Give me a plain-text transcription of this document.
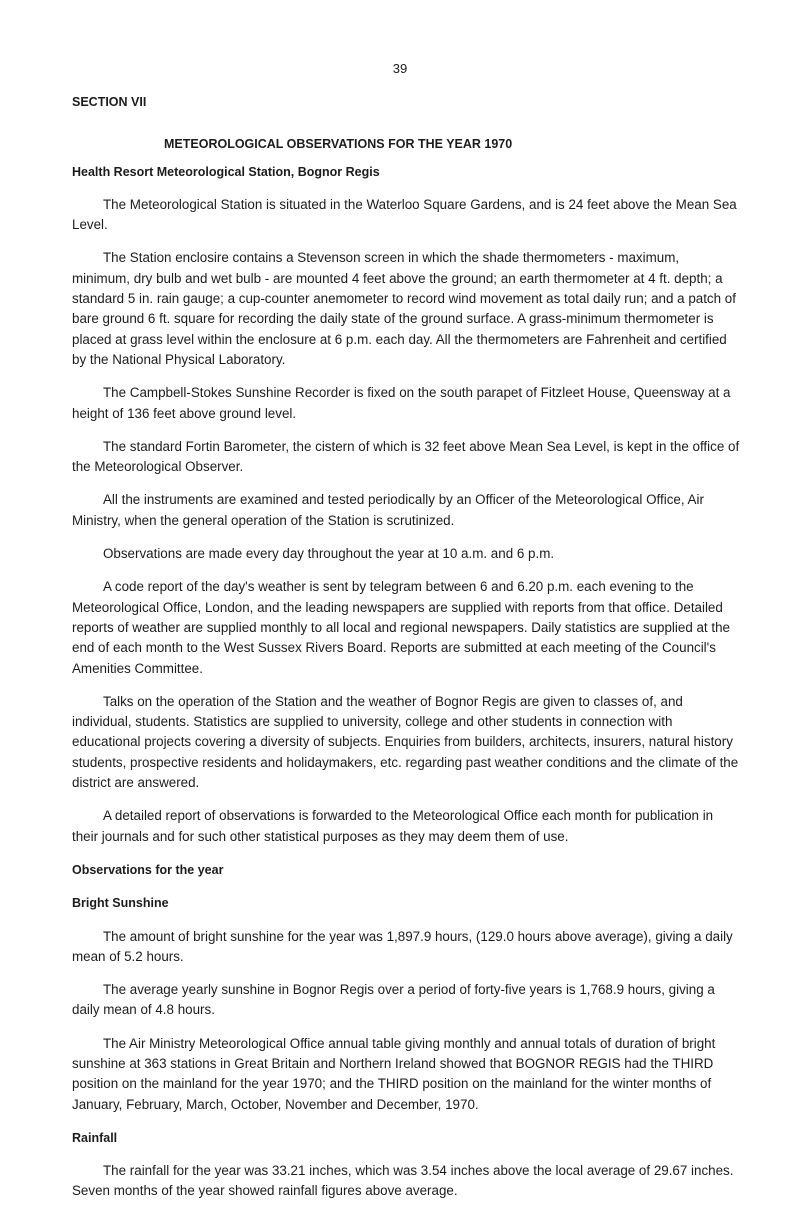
39
SECTION VII
METEOROLOGICAL OBSERVATIONS FOR THE YEAR 1970
Health Resort Meteorological Station, Bognor Regis

The Meteorological Station is situated in the Waterloo Square Gardens, and is 24 feet above the Mean Sea Level.

The Station enclosire contains a Stevenson screen in which the shade thermometers - maximum, minimum, dry bulb and wet bulb - are mounted 4 feet above the ground; an earth thermometer at 4 ft. depth; a standard 5 in. rain gauge; a cup-counter anemometer to record wind movement as total daily run; and a patch of bare ground 6 ft. square for recording the daily state of the ground surface. A grass-minimum thermometer is placed at grass level within the enclosure at 6 p.m. each day. All the thermometers are Fahrenheit and certified by the National Physical Laboratory.

The Campbell-Stokes Sunshine Recorder is fixed on the south parapet of Fitzleet House, Queensway at a height of 136 feet above ground level.

The standard Fortin Barometer, the cistern of which is 32 feet above Mean Sea Level, is kept in the office of the Meteorological Observer.

All the instruments are examined and tested periodically by an Officer of the Meteorological Office, Air Ministry, when the general operation of the Station is scrutinized.

Observations are made every day throughout the year at 10 a.m. and 6 p.m.

A code report of the day's weather is sent by telegram between 6 and 6.20 p.m. each evening to the Meteorological Office, London, and the leading newspapers are supplied with reports from that office. Detailed reports of weather are supplied monthly to all local and regional newspapers. Daily statistics are supplied at the end of each month to the West Sussex Rivers Board. Reports are submitted at each meeting of the Council's Amenities Committee.

Talks on the operation of the Station and the weather of Bognor Regis are given to classes of, and individual, students. Statistics are supplied to university, college and other students in connection with educational projects covering a diversity of subjects. Enquiries from builders, architects, insurers, natural history students, prospective residents and holidaymakers, etc. regarding past weather conditions and the climate of the district are answered.

A detailed report of observations is forwarded to the Meteorological Office each month for publication in their journals and for such other statistical purposes as they may deem them of use.

Observations for the year
Bright Sunshine

The amount of bright sunshine for the year was 1,897.9 hours, (129.0 hours above average), giving a daily mean of 5.2 hours.

The average yearly sunshine in Bognor Regis over a period of forty-five years is 1,768.9 hours, giving a daily mean of 4.8 hours.

The Air Ministry Meteorological Office annual table giving monthly and annual totals of duration of bright sunshine at 363 stations in Great Britain and Northern Ireland showed that BOGNOR REGIS had the THIRD position on the mainland for the year 1970; and the THIRD position on the mainland for the winter months of January, February, March, October, November and December, 1970.

Rainfall

The rainfall for the year was 33.21 inches, which was 3.54 inches above the local average of 29.67 inches. Seven months of the year showed rainfall figures above average.
